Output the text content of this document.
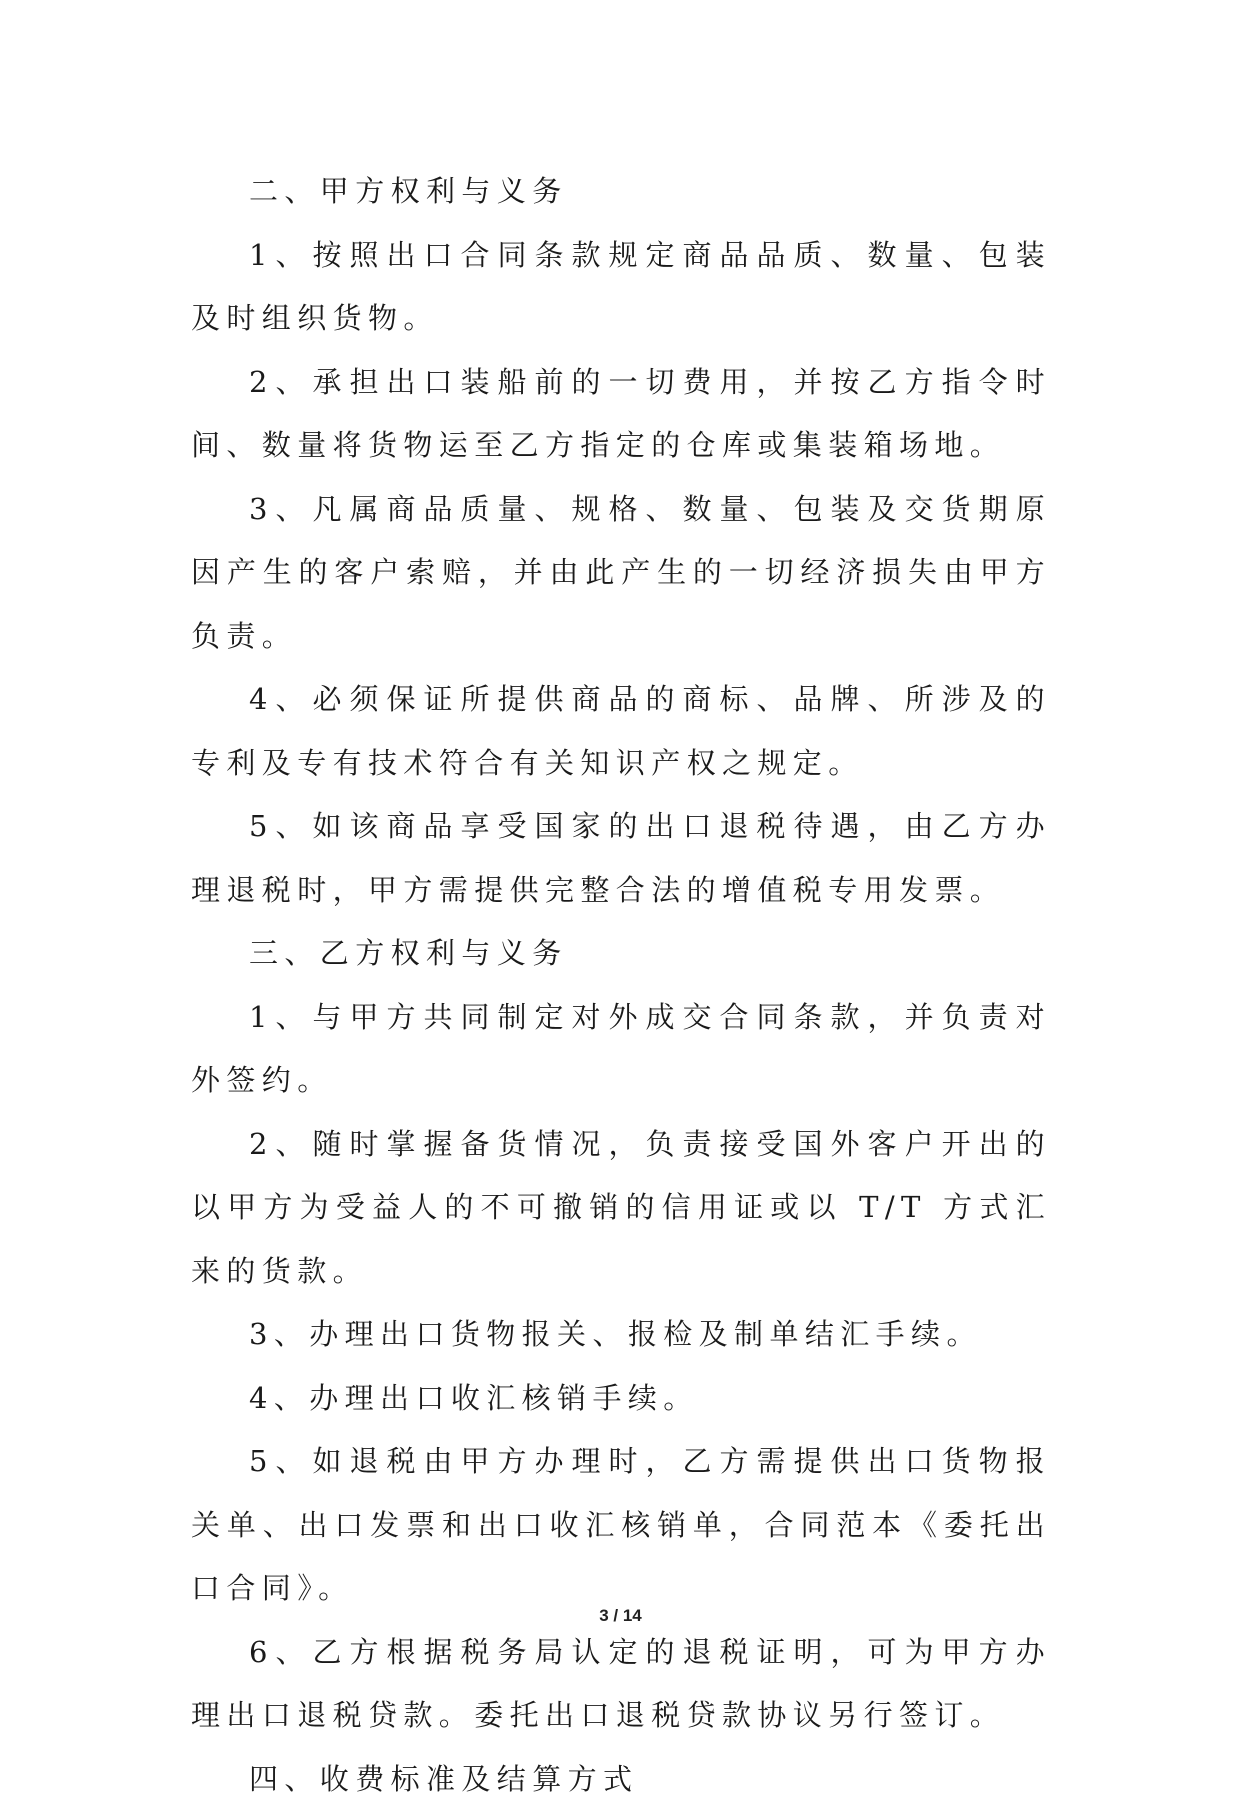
二、甲方权利与义务

1、按照出口合同条款规定商品品质、数量、包装及时组织货物。

2、承担出口装船前的一切费用，并按乙方指令时间、数量将货物运至乙方指定的仓库或集装箱场地。

3、凡属商品质量、规格、数量、包装及交货期原因产生的客户索赔，并由此产生的一切经济损失由甲方负责。

4、必须保证所提供商品的商标、品牌、所涉及的专利及专有技术符合有关知识产权之规定。

5、如该商品享受国家的出口退税待遇，由乙方办理退税时，甲方需提供完整合法的增值税专用发票。

三、乙方权利与义务

1、与甲方共同制定对外成交合同条款，并负责对外签约。

2、随时掌握备货情况，负责接受国外客户开出的以甲方为受益人的不可撤销的信用证或以 T/T 方式汇来的货款。

3、办理出口货物报关、报检及制单结汇手续。

4、办理出口收汇核销手续。

5、如退税由甲方办理时，乙方需提供出口货物报关单、出口发票和出口收汇核销单，合同范本《委托出口合同》。

6、乙方根据税务局认定的退税证明，可为甲方办理出口退税贷款。委托出口退税贷款协议另行签订。

四、收费标准及结算方式

3 / 14
